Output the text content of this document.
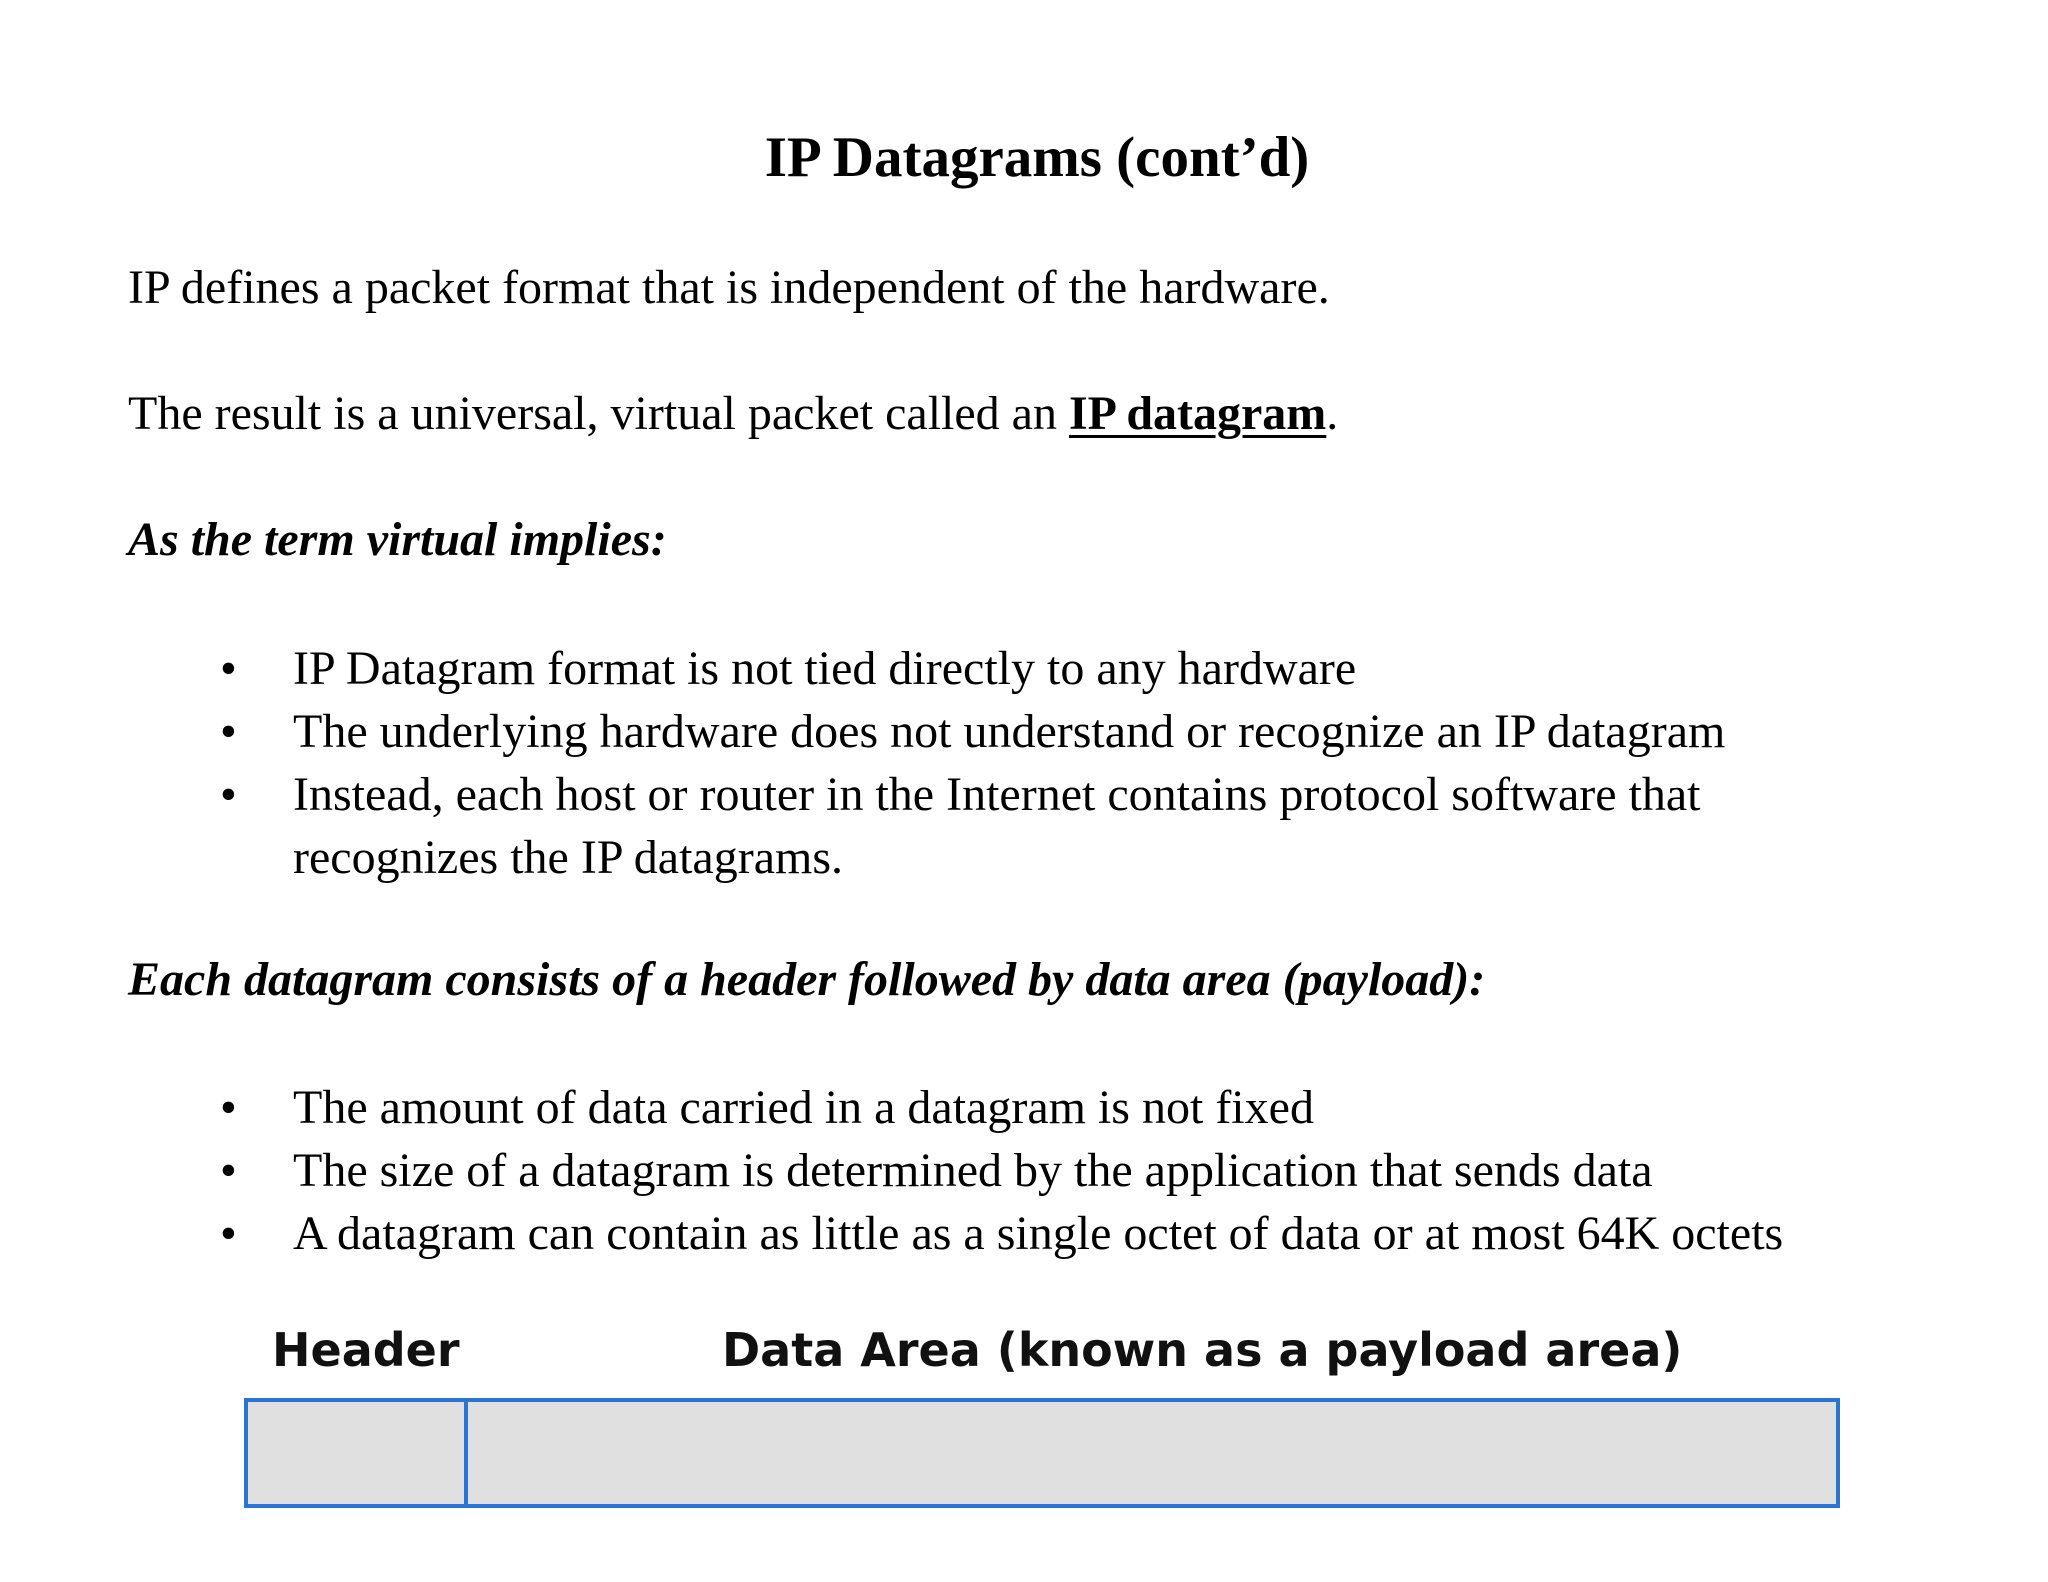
IP Datagrams (cont’d)
IP defines a packet format that is independent of the hardware.
The result is a universal, virtual packet called an IP datagram.
As the term virtual implies:
• IP Datagram format is not tied directly to any hardware
• The underlying hardware does not understand or recognize an IP datagram
• Instead, each host or router in the Internet contains protocol software that recognizes the IP datagrams.
Each datagram consists of a header followed by data area (payload):
• The amount of data carried in a datagram is not fixed
• The size of a datagram is determined by the application that sends data
• A datagram can contain as little as a single octet of data or at most 64K octets
Header	Data Area (known as a payload area)
